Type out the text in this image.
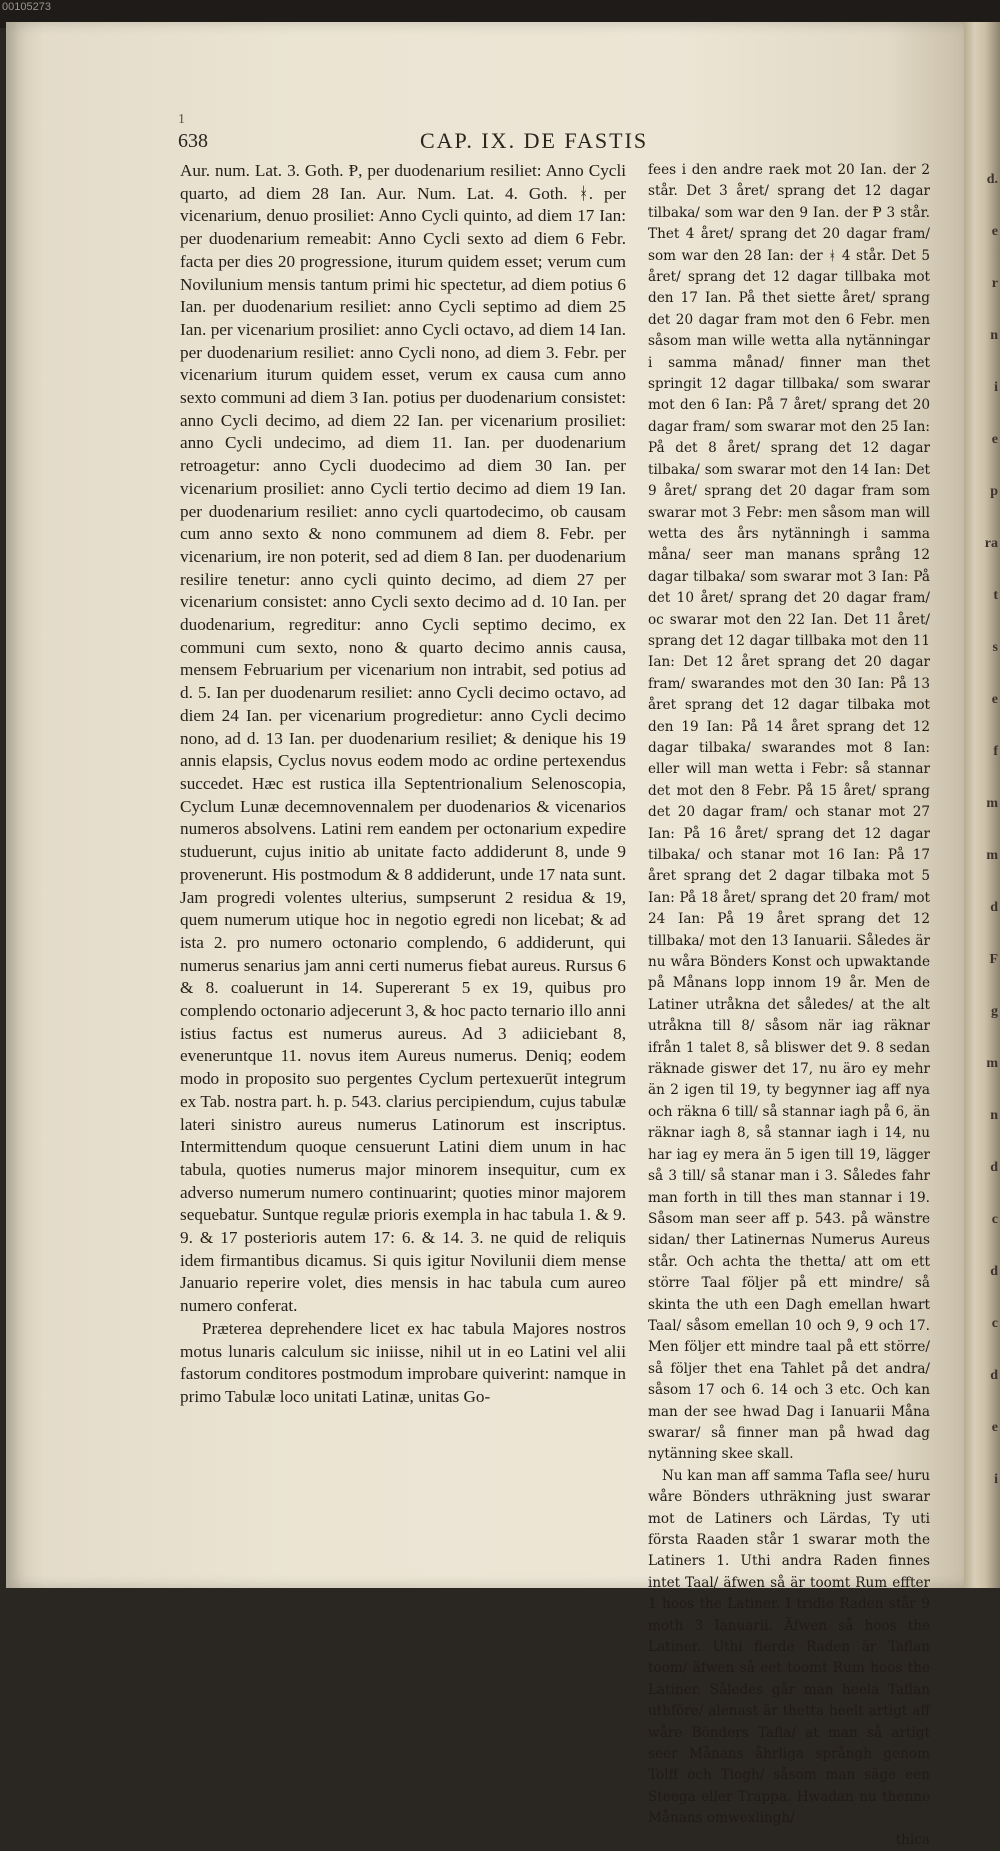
00105273
d.
e
r
n
i
e
p
ra
t
s
e
f
m
m
d
F
g
m
n
d
c
d
c
d
e
i
1
638	CAP. IX. DE FASTIS

Aur. num. Lat. 3. Goth. Ᵽ, per duodenarium resiliet: Anno Cycli quarto, ad diem 28 Ian. Aur. Num. Lat. 4. Goth. ᚼ. per vicenarium, denuo prosiliet: Anno Cycli quinto, ad diem 17 Ian: per duodenarium remeabit: Anno Cycli sexto ad diem 6 Febr. facta per dies 20 progressione, iturum quidem esset; verum cum Novilunium mensis tantum primi hic spectetur, ad diem potius 6 Ian. per duodenarium resiliet: anno Cycli septimo ad diem 25 Ian. per vicenarium prosiliet: anno Cycli octavo, ad diem 14 Ian. per duodenarium resiliet: anno Cycli nono, ad diem 3. Febr. per vicenarium iturum quidem esset, verum ex causa cum anno sexto communi ad diem 3 Ian. potius per duodenarium consistet: anno Cycli decimo, ad diem 22 Ian. per vicenarium prosiliet: anno Cycli undecimo, ad diem 11. Ian. per duodenarium retroagetur: anno Cycli duodecimo ad diem 30 Ian. per vicenarium prosiliet: anno Cycli tertio decimo ad diem 19 Ian. per duodenarium resiliet: anno cycli quartodecimo, ob causam cum anno sexto & nono communem ad diem 8. Febr. per vicenarium, ire non poterit, sed ad diem 8 Ian. per duodenarium resilire tenetur: anno cycli quinto decimo, ad diem 27 per vicenarium consistet: anno Cycli sexto decimo ad d. 10 Ian. per duodenarium, regreditur: anno Cycli septimo decimo, ex communi cum sexto, nono & quarto decimo annis causa, mensem Februarium per vicenarium non intrabit, sed potius ad d. 5. Ian per duodenarum resiliet: anno Cycli decimo octavo, ad diem 24 Ian. per vicenarium progredietur: anno Cycli decimo nono, ad d. 13 Ian. per duodenarium resiliet; & denique his 19 annis elapsis, Cyclus novus eodem modo ac ordine pertexendus succedet. Hæc est rustica illa Septentrionalium Selenoscopia, Cyclum Lunæ decemnovennalem per duodenarios & vicenarios numeros absolvens. Latini rem eandem per octonarium expedire studuerunt, cujus initio ab unitate facto addiderunt 8, unde 9 provenerunt. His postmodum & 8 addiderunt, unde 17 nata sunt. Jam progredi volentes ulterius, sumpserunt 2 residua & 19, quem numerum utique hoc in negotio egredi non licebat; & ad ista 2. pro numero octonario complendo, 6 addiderunt, qui numerus senarius jam anni certi numerus fiebat aureus. Rursus 6 & 8. coaluerunt in 14. Supererant 5 ex 19, quibus pro complendo octonario adjecerunt 3, & hoc pacto ternario illo anni istius factus est numerus aureus. Ad 3 adiiciebant 8, eveneruntque 11. novus item Aureus numerus. Deniq; eodem modo in proposito suo pergentes Cyclum pertexuerūt integrum ex Tab. nostra part. h. p. 543. clarius percipiendum, cujus tabulæ lateri sinistro aureus numerus Latinorum est inscriptus. Intermittendum quoque censuerunt Latini diem unum in hac tabula, quoties numerus major minorem insequitur, cum ex adverso numerum numero continuarint; quoties minor majorem sequebatur. Suntque regulæ prioris exempla in hac tabula 1. & 9. 9. & 17 posterioris autem 17: 6. & 14. 3. ne quid de reliquis idem firmantibus dicamus. Si quis igitur Novilunii diem mense Januario reperire volet, dies mensis in hac tabula cum aureo numero conferat.

Præterea deprehendere licet ex hac tabula Majores nostros motus lunaris calculum sic iniisse, nihil ut in eo Latini vel alii fastorum conditores postmodum improbare quiverint: namque in primo Tabulæ loco unitati Latinæ, unitas Go-

fees i den andre raek mot 20 Ian. der 2 står. Det 3 året/ sprang det 12 dagar tilbaka/ som war den 9 Ian. der Ᵽ 3 står. Thet 4 året/ sprang det 20 dagar fram/ som war den 28 Ian: der ᚼ 4 står. Det 5 året/ sprang det 12 dagar tillbaka mot den 17 Ian. På thet siette året/ sprang det 20 dagar fram mot den 6 Febr. men såsom man wille wetta alla nytänningar i samma månad/ finner man thet springit 12 dagar tillbaka/ som swarar mot den 6 Ian: På 7 året/ sprang det 20 dagar fram/ som swarar mot den 25 Ian: På det 8 året/ sprang det 12 dagar tilbaka/ som swarar mot den 14 Ian: Det 9 året/ sprang det 20 dagar fram som swarar mot 3 Febr: men såsom man will wetta des års nytänningh i samma måna/ seer man manans språng 12 dagar tilbaka/ som swarar mot 3 Ian: På det 10 året/ sprang det 20 dagar fram/ oc swarar mot den 22 Ian. Det 11 året/ sprang det 12 dagar tillbaka mot den 11 Ian: Det 12 året sprang det 20 dagar fram/ swarandes mot den 30 Ian: På 13 året sprang det 12 dagar tilbaka mot den 19 Ian: På 14 året sprang det 12 dagar tilbaka/ swarandes mot 8 Ian: eller will man wetta i Febr: så stannar det mot den 8 Febr. På 15 året/ sprang det 20 dagar fram/ och stanar mot 27 Ian: På 16 året/ sprang det 12 dagar tilbaka/ och stanar mot 16 Ian: På 17 året sprang det 2 dagar tilbaka mot 5 Ian: På 18 året/ sprang det 20 fram/ mot 24 Ian: På 19 året sprang det 12 tillbaka/ mot den 13 Ianuarii. Således är nu wåra Bönders Konst och upwaktande på Månans lopp innom 19 år. Men de Latiner utråkna det således/ at the alt utråkna till 8/ såsom när iag räknar ifrån 1 talet 8, så bliswer det 9. 8 sedan räknade giswer det 17, nu äro ey mehr än 2 igen til 19, ty begynner iag aff nya och räkna 6 till/ så stannar iagh på 6, än räknar iagh 8, så stannar iagh i 14, nu har iag ey mera än 5 igen till 19, lägger så 3 till/ så stanar man i 3. Således fahr man forth in till thes man stannar i 19. Såsom man seer aff p. 543. på wänstre sidan/ ther Latinernas Numerus Aureus står. Och achta the thetta/ att om ett större Taal följer på ett mindre/ så skinta the uth een Dagh emellan hwart Taal/ såsom emellan 10 och 9, 9 och 17. Men följer ett mindre taal på ett större/ så följer thet ena Tahlet på det andra/ såsom 17 och 6. 14 och 3 etc. Och kan man der see hwad Dag i Ianuarii Måna swarar/ så finner man på hwad dag nytänning skee skall.

Nu kan man aff samma Tafla see/ huru wåre Bönders uthräkning just swarar mot de Latiners och Lärdas, Ty uti första Raaden står 1 swarar moth the Latiners 1. Uthi andra Raden finnes intet Taal/ äfwen så är toomt Rum effter 1 hoos the Latiner. I tridie Raden står 9 moth 3 Ianuarii. Äfwen så hoos the Latiner. Uthi fierde Raden är Taflan toom/ äfwen så eet toomt Rum hoos the Latiner. Således går man heela Taflan uthföre/ alenast är thetta heelt artigt aff wåre Bönders Tafla/ at man så artigt seer Månans åhrliga språngh genom Tolff och Tiogh/ såsom man säge een Steega eller Trappa. Hwadan nu thenne Månans omwexlingh/

thica
